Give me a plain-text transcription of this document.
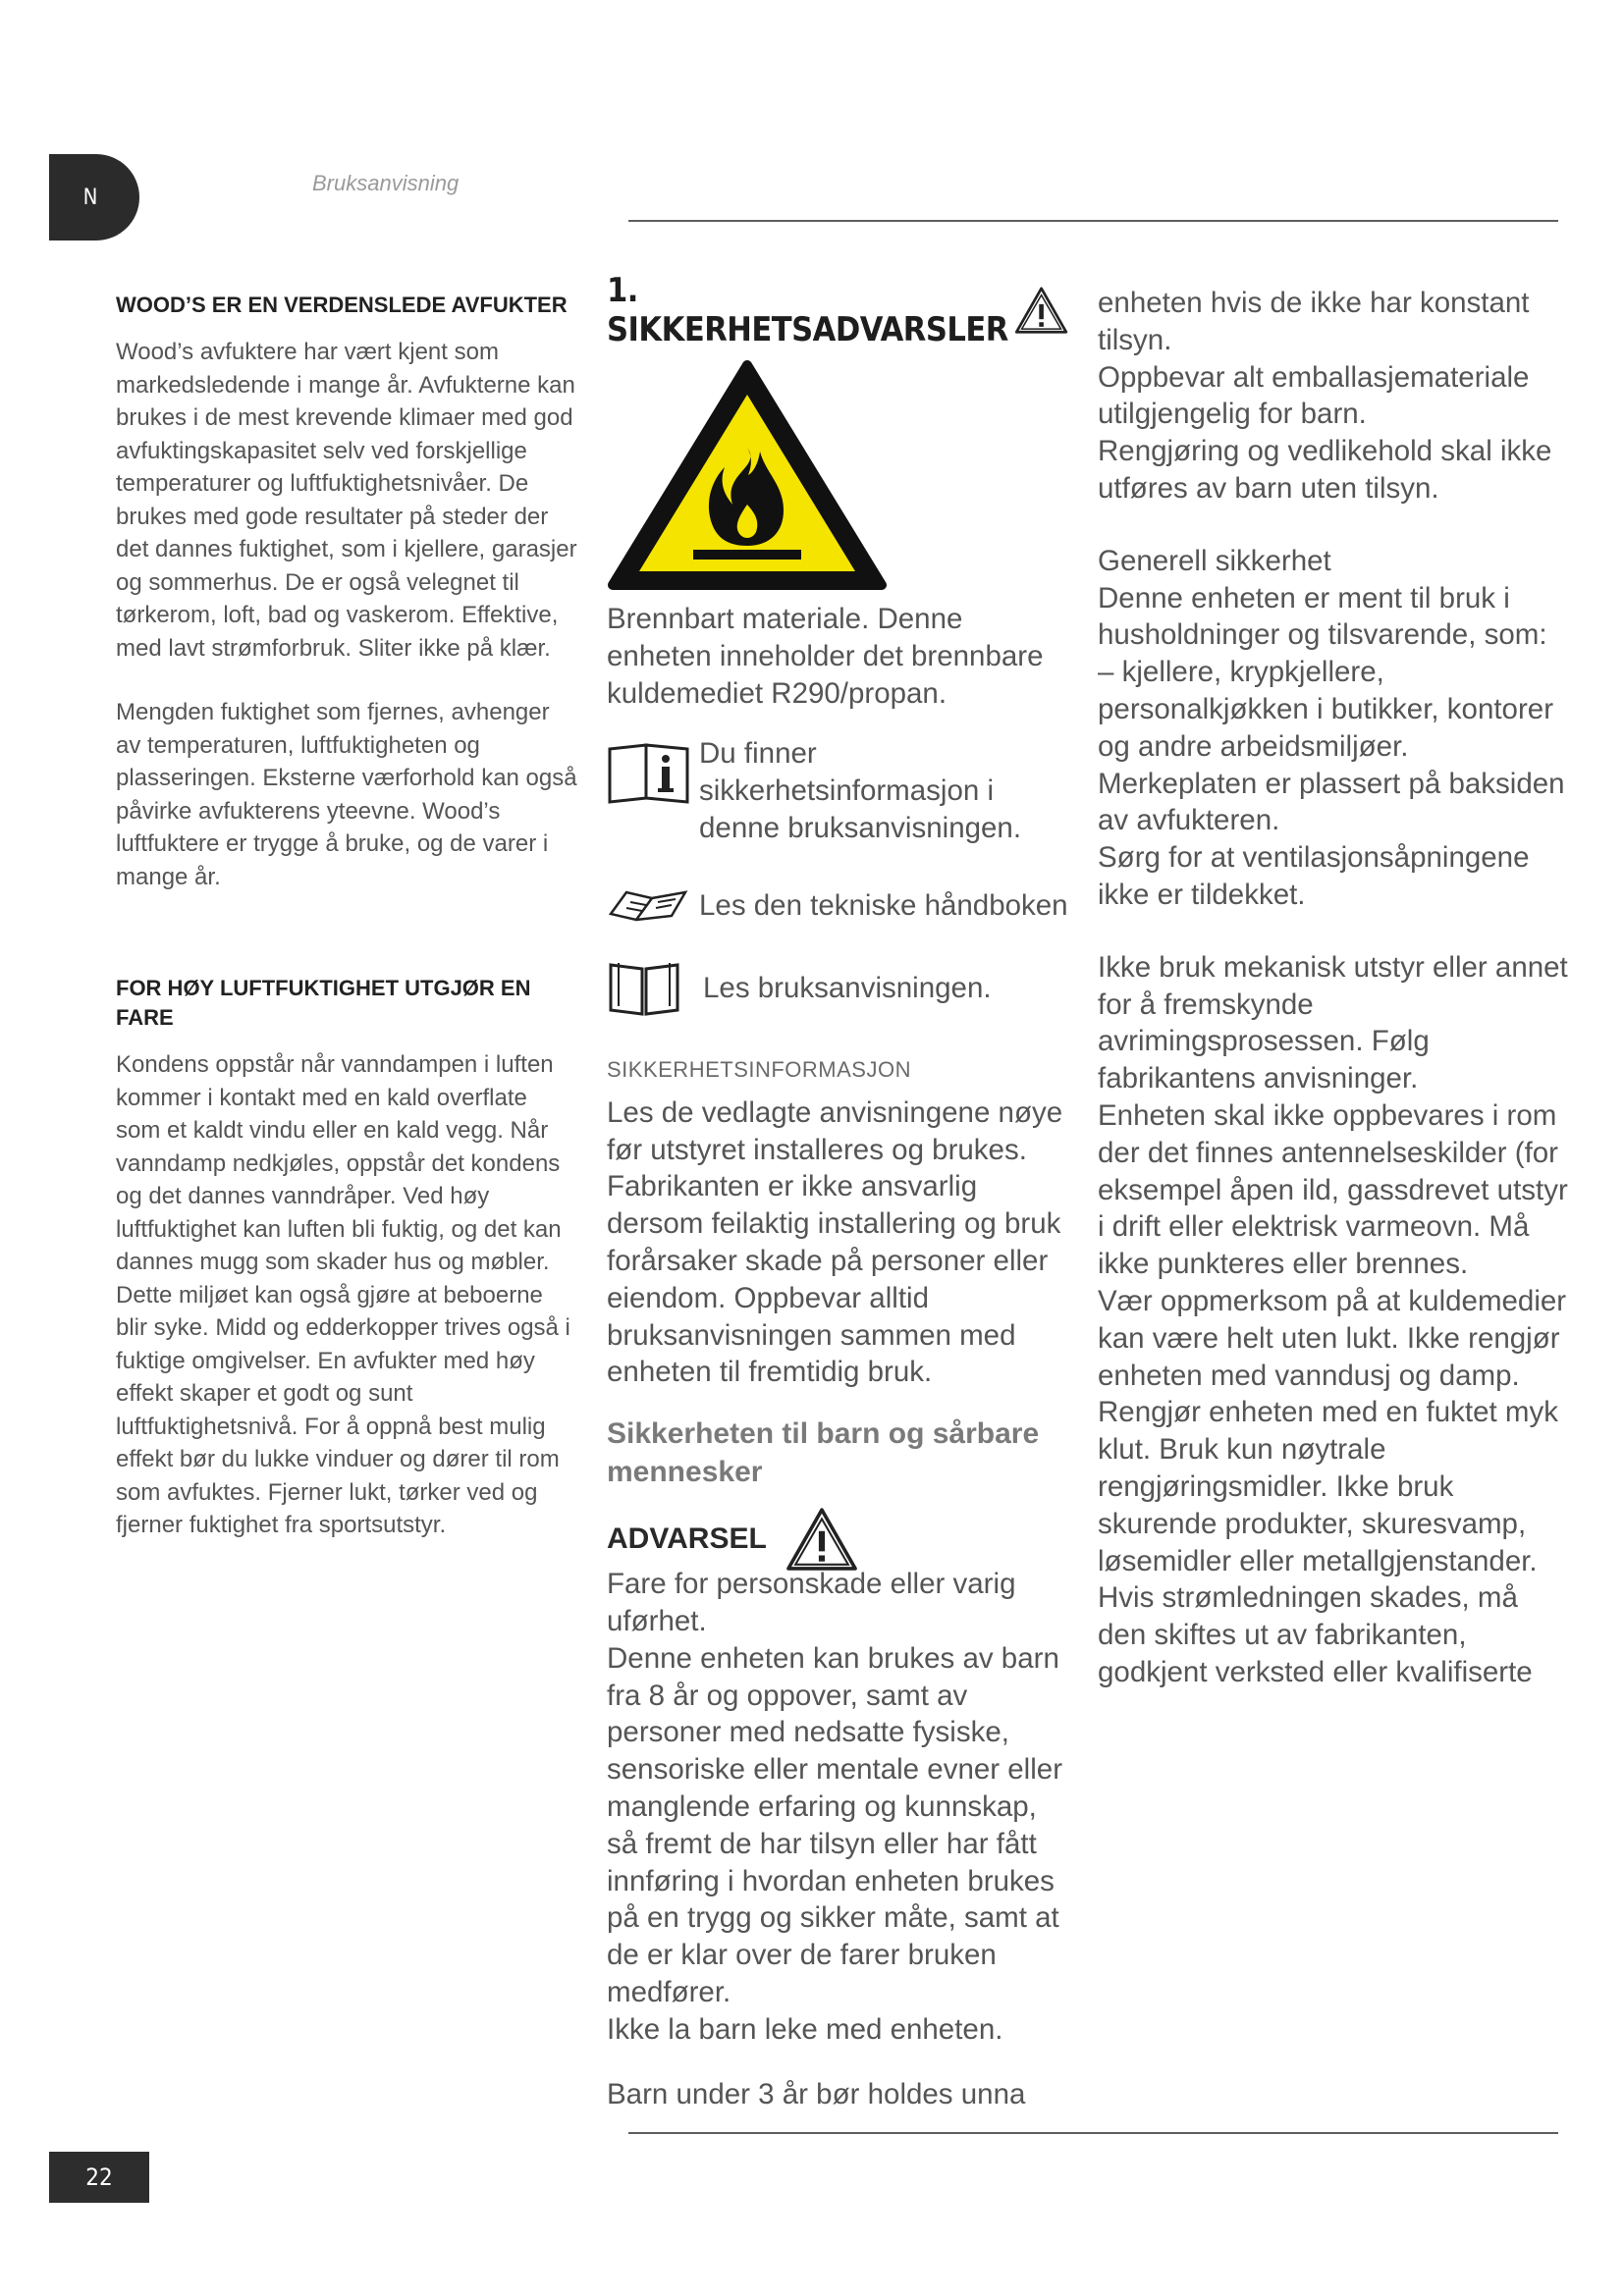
N
Bruksanvisning
WOOD’S ER EN VERDENSLEDE AVFUKTER

Wood’s avfuktere har vært kjent som markedsledende i mange år. Avfukterne kan brukes i de mest krevende klimaer med god avfuktingskapasitet selv ved forskjellige temperaturer og luftfuktighetsnivåer. De brukes med gode resultater på steder der det dannes fuktighet, som i kjellere, garasjer og sommerhus. De er også velegnet til tørkerom, loft, bad og vaskerom. Effektive, med lavt strømforbruk. Sliter ikke på klær.

Mengden fuktighet som fjernes, avhenger av temperaturen, luftfuktigheten og plasseringen. Eksterne værforhold kan også påvirke avfukterens yteevne. Wood’s luftfuktere er trygge å bruke, og de varer i mange år.

FOR HØY LUFTFUKTIGHET UTGJØR EN FARE

Kondens oppstår når vanndampen i luften kommer i kontakt med en kald overflate som et kaldt vindu eller en kald vegg. Når vanndamp nedkjøles, oppstår det kondens og det dannes vanndråper. Ved høy luftfuktighet kan luften bli fuktig, og det kan dannes mugg som skader hus og møbler. Dette miljøet kan også gjøre at beboerne blir syke. Midd og edderkopper trives også i fuktige omgivelser. En avfukter med høy effekt skaper et godt og sunt luftfuktighetsnivå. For å oppnå best mulig effekt bør du lukke vinduer og dører til rom som avfuktes. Fjerner lukt, tørker ved og fjerner fuktighet fra sportsutstyr.

1. SIKKERHETSADVARSLER

Brennbart materiale. Denne enheten inneholder det brennbare kuldemediet R290/propan.

Du finner sikkerhetsinformasjon i denne bruksanvisningen.

Les den tekniske håndboken
Les bruksanvisningen.
SIKKERHETSINFORMASJON

Les de vedlagte anvisningene nøye før utstyret installeres og brukes. Fabrikanten er ikke ansvarlig dersom feilaktig installering og bruk forårsaker skade på personer eller eiendom. Oppbevar alltid bruksanvisningen sammen med enheten til fremtidig bruk.

Sikkerheten til barn og sårbare mennesker

ADVARSEL

Fare for personskade eller varig uførhet.

Denne enheten kan brukes av barn fra 8 år og oppover, samt av personer med nedsatte fysiske, sensoriske eller mentale evner eller manglende erfaring og kunnskap, så fremt de har tilsyn eller har fått innføring i hvordan enheten brukes på en trygg og sikker måte, samt at de er klar over de farer bruken medfører.

Ikke la barn leke med enheten.

Barn under 3 år bør holdes unna

enheten hvis de ikke har konstant tilsyn.

Oppbevar alt emballasjemateriale utilgjengelig for barn.

Rengjøring og vedlikehold skal ikke utføres av barn uten tilsyn.

Generell sikkerhet

Denne enheten er ment til bruk i husholdninger og tilsvarende, som: – kjellere, krypkjellere, personalkjøkken i butikker, kontorer og andre arbeidsmiljøer.

Merkeplaten er plassert på baksiden av avfukteren.

Sørg for at ventilasjonsåpningene ikke er tildekket.

Ikke bruk mekanisk utstyr eller annet for å fremskynde avrimingsprosessen. Følg fabrikantens anvisninger.

Enheten skal ikke oppbevares i rom der det finnes antennelseskilder (for eksempel åpen ild, gassdrevet utstyr i drift eller elektrisk varmeovn. Må ikke punkteres eller brennes.

Vær oppmerksom på at kuldemedier kan være helt uten lukt. Ikke rengjør enheten med vanndusj og damp.

Rengjør enheten med en fuktet myk klut. Bruk kun nøytrale rengjøringsmidler. Ikke bruk skurende produkter, skuresvamp, løsemidler eller metallgjenstander.

Hvis strømledningen skades, må den skiftes ut av fabrikanten, godkjent verksted eller kvalifiserte

22
